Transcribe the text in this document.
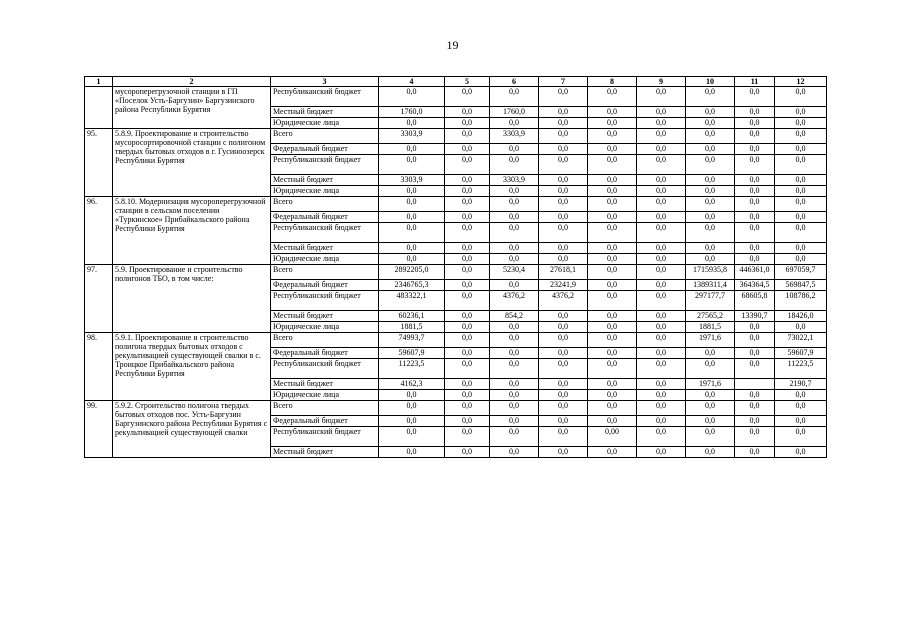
19
1	2	3	4	5	6	7	8	9	10	11	12
	мусороперегрузочной станции в ГП «Поселок Усть-Баргузин» Баргузинского района Республики Бурятия	Республиканский бюджет	0,0	0,0	0,0	0,0	0,0	0,0	0,0	0,0	0,0
		Местный бюджет	1760,0	0,0	1760,0	0,0	0,0	0,0	0,0	0,0	0,0
		Юридические лица	0,0	0,0	0,0	0,0	0,0	0,0	0,0	0,0	0,0
95.	5.8.9. Проектирование и строительство мусоросортировочной станции с полигоном твердых бытовых отходов в г. Гусиноозерск Республики Бурятия	Всего	3303,9	0,0	3303,9	0,0	0,0	0,0	0,0	0,0	0,0
		Федеральный бюджет	0,0	0,0	0,0	0,0	0,0	0,0	0,0	0,0	0,0
		Республиканский бюджет	0,0	0,0	0,0	0,0	0,0	0,0	0,0	0,0	0,0
		Местный бюджет	3303,9	0,0	3303,9	0,0	0,0	0,0	0,0	0,0	0,0
		Юридические лица	0,0	0,0	0,0	0,0	0,0	0,0	0,0	0,0	0,0
96.	5.8.10. Модернизация мусороперегрузочной станции в сельском поселении «Туркинское» Прибайкальского района Республики Бурятия	Всего	0,0	0,0	0,0	0,0	0,0	0,0	0,0	0,0	0,0
		Федеральный бюджет	0,0	0,0	0,0	0,0	0,0	0,0	0,0	0,0	0,0
		Республиканский бюджет	0,0	0,0	0,0	0,0	0,0	0,0	0,0	0,0	0,0
		Местный бюджет	0,0	0,0	0,0	0,0	0,0	0,0	0,0	0,0	0,0
		Юридические лица	0,0	0,0	0,0	0,0	0,0	0,0	0,0	0,0	0,0
97.	5.9. Проектирование и строительство полигонов ТБО, в том числе:	Всего	2892205,0	0,0	5230,4	27618,1	0,0	0,0	1715935,8	446361,0	697059,7
		Федеральный бюджет	2346765,3	0,0	0,0	23241,9	0,0	0,0	1389311,4	364364,5	569847,5
		Республиканский бюджет	483322,1	0,0	4376,2	4376,2	0,0	0,0	297177,7	68605,8	108786,2
		Местный бюджет	60236,1	0,0	854,2	0,0	0,0	0,0	27565,2	13390,7	18426,0
		Юридические лица	1881,5	0,0	0,0	0,0	0,0	0,0	1881,5	0,0	0,0
98.	5.9.1. Проектирование и строительство полигона твердых бытовых отходов с рекультивацией существующей свалки в с. Троицкое Прибайкальского района Республики Бурятия	Всего	74993,7	0,0	0,0	0,0	0,0	0,0	1971,6	0,0	73022,1
		Федеральный бюджет	59607,9	0,0	0,0	0,0	0,0	0,0	0,0	0,0	59607,9
		Республиканский бюджет	11223,5	0,0	0,0	0,0	0,0	0,0	0,0	0,0	11223,5
		Местный бюджет	4162,3	0,0	0,0	0,0	0,0	0,0	1971,6		2190,7
		Юридические лица	0,0	0,0	0,0	0,0	0,0	0,0	0,0	0,0	0,0
99.	5.9.2. Строительство полигона твердых бытовых отходов пос. Усть-Баргузин Баргузинского района Республики Бурятия с рекультивацией существующей свалки	Всего	0,0	0,0	0,0	0,0	0,0	0,0	0,0	0,0	0,0
		Федеральный бюджет	0,0	0,0	0,0	0,0	0,0	0,0	0,0	0,0	0,0
		Республиканский бюджет	0,0	0,0	0,0	0,0	0,00	0,0	0,0	0,0	0,0
		Местный бюджет	0,0	0,0	0,0	0,0	0,0	0,0	0,0	0,0	0,0
